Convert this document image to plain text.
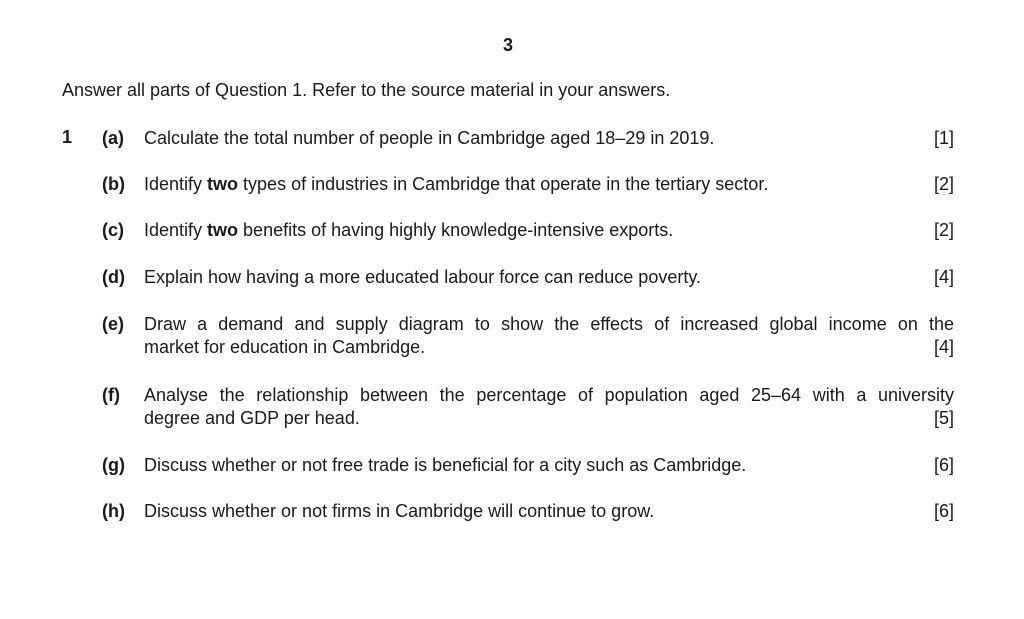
3
Answer all parts of Question 1. Refer to the source material in your answers.
1 (a) Calculate the total number of people in Cambridge aged 18–29 in 2019.	[1]
(b) Identify two types of industries in Cambridge that operate in the tertiary sector.	[2]
(c) Identify two benefits of having highly knowledge-intensive exports.	[2]
(d) Explain how having a more educated labour force can reduce poverty.	[4]
(e) Draw a demand and supply diagram to show the effects of increased global income on the
market for education in Cambridge.	[4]
(f) Analyse the relationship between the percentage of population aged 25–64 with a university
degree and GDP per head.	[5]
(g) Discuss whether or not free trade is beneficial for a city such as Cambridge.	[6]
(h) Discuss whether or not firms in Cambridge will continue to grow.	[6]
